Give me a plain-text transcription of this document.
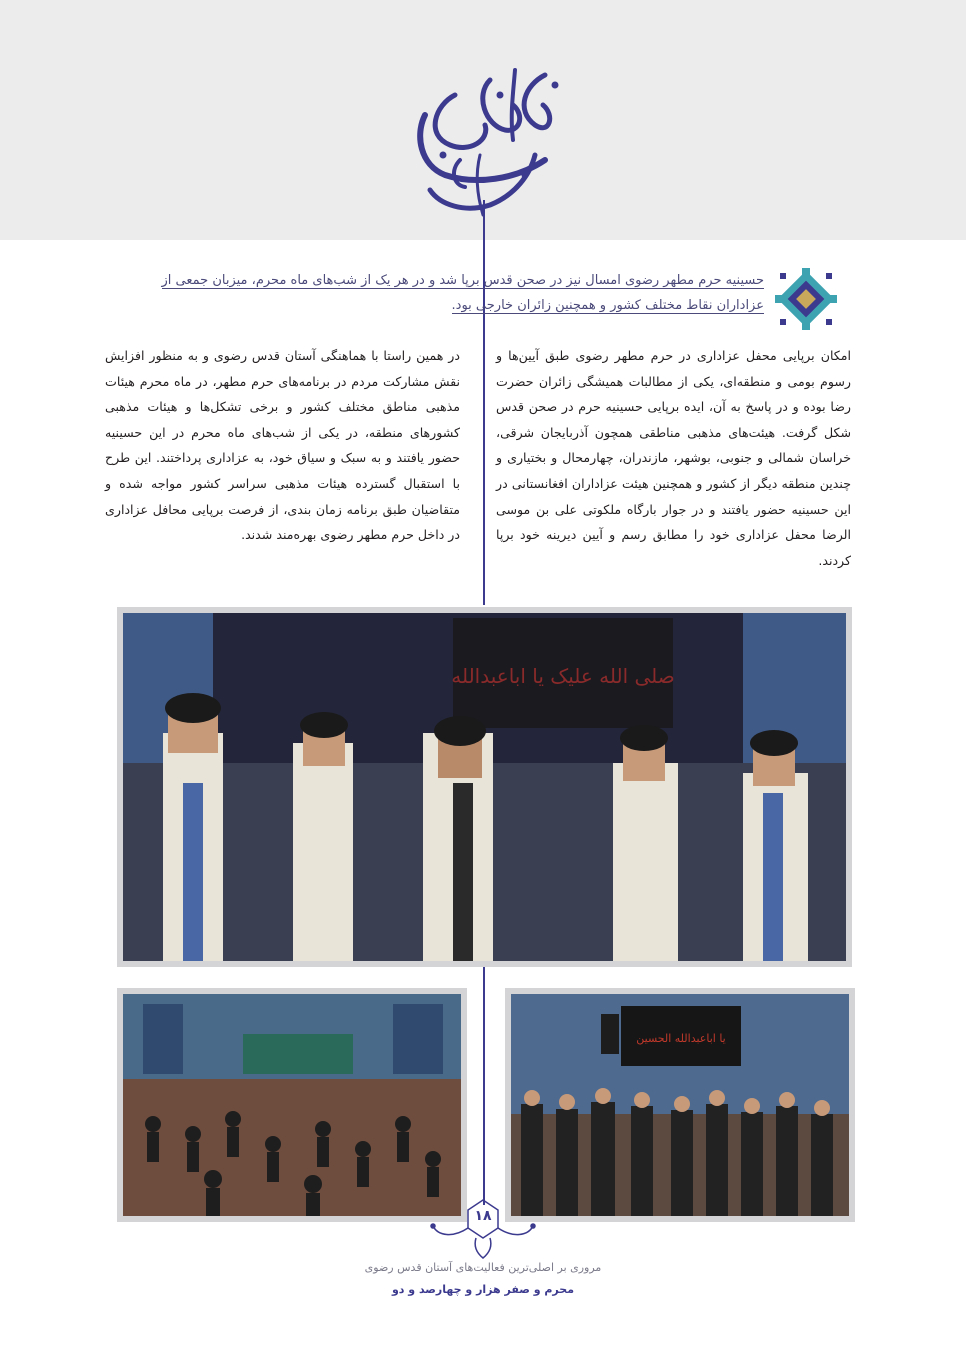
حسینیه حرم مطهر رضوی امسال نیز در صحن قدس برپا شد و در هر یک از شب‌های ماه محرم، میزبان جمعی از
عزاداران نقاط مختلف کشور و همچنین زائران خارجی بود.
امکان برپایی محفل عزاداری در حرم مطهر رضوی طبق آیین‌ها و رسوم بومی و منطقه‌ای، یکی از مطالبات همیشگی زائران حضرت رضا بوده و در پاسخ به آن، ایده برپایی حسینیه حرم در صحن قدس شکل گرفت. هیئت‌های مذهبی مناطقی همچون آذربایجان شرقی، خراسان شمالی و جنوبی، بوشهر، مازندران، چهارمحال و بختیاری و چندین منطقه دیگر از کشور و همچنین هیئت عزاداران افغانستانی در این حسینیه حضور یافتند و در جوار بارگاه ملکوتی علی بن موسی الرضا محفل عزاداری خود را مطابق رسم و آیین دیرینه خود برپا کردند.
در همین راستا با هماهنگی آستان قدس رضوی و به منظور افزایش نقش مشارکت مردم در برنامه‌های حرم مطهر، در ماه محرم هیئات مذهبی مناطق مختلف کشور و برخی تشکل‌ها و هیئات مذهبی کشورهای منطقه، در یکی از شب‌های ماه محرم در این حسینیه حضور یافتند و به سبک و سیاق خود، به عزاداری پرداختند. این طرح با استقبال گسترده هیئات مذهبی سراسر کشور مواجه شده و متقاضیان طبق برنامه زمان بندی، از فرصت برپایی محافل عزاداری در داخل حرم مطهر رضوی بهره‌مند شدند.
صلی الله علیک یا اباعبدالله
یا اباعبدالله الحسین
۱۸
مروری بر اصلی‌ترین فعالیت‌های آستان قدس رضوی
محرم و صفر هزار و چهارصد و دو
